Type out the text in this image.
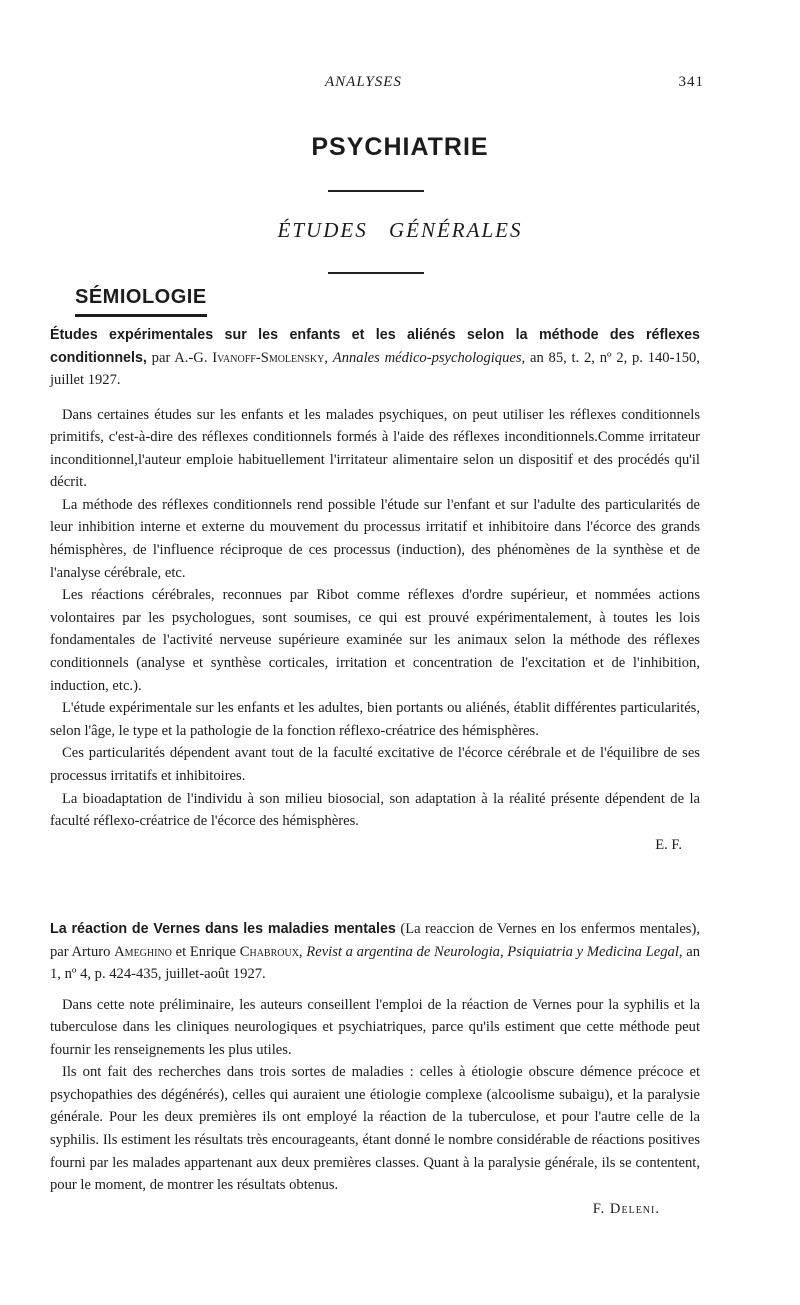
ANALYSES	341
PSYCHIATRIE
ÉTUDES GÉNÉRALES
SÉMIOLOGIE
Études expérimentales sur les enfants et les aliénés selon la méthode des réflexes conditionnels, par A.-G. Ivanoff-Smolensky, Annales médico-psychologiques, an 85, t. 2, nº 2, p. 140-150, juillet 1927.

Dans certaines études sur les enfants et les malades psychiques, on peut utiliser les réflexes conditionnels primitifs, c'est-à-dire des réflexes conditionnels formés à l'aide des réflexes inconditionnels.Comme irritateur inconditionnel,l'auteur emploie habituellement l'irritateur alimentaire selon un dispositif et des procédés qu'il décrit.

La méthode des réflexes conditionnels rend possible l'étude sur l'enfant et sur l'adulte des particularités de leur inhibition interne et externe du mouvement du processus irritatif et inhibitoire dans l'écorce des grands hémisphères, de l'influence réciproque de ces processus (induction), des phénomènes de la synthèse et de l'analyse cérébrale, etc.

Les réactions cérébrales, reconnues par Ribot comme réflexes d'ordre supérieur, et nommées actions volontaires par les psychologues, sont soumises, ce qui est prouvé expérimentalement, à toutes les lois fondamentales de l'activité nerveuse supérieure examinée sur les animaux selon la méthode des réflexes conditionnels (analyse et synthèse corticales, irritation et concentration de l'excitation et de l'inhibition, induction, etc.).

L'étude expérimentale sur les enfants et les adultes, bien portants ou aliénés, établit différentes particularités, selon l'âge, le type et la pathologie de la fonction réflexo-créatrice des hémisphères.

Ces particularités dépendent avant tout de la faculté excitative de l'écorce cérébrale et de l'équilibre de ses processus irritatifs et inhibitoires.

La bioadaptation de l'individu à son milieu biosocial, son adaptation à la réalité présente dépendent de la faculté réflexo-créatrice de l'écorce des hémisphères.

E. F.

La réaction de Vernes dans les maladies mentales (La reaccion de Vernes en los enfermos mentales), par Arturo Ameghino et Enrique Chabroux, Revist a argentina de Neurologia, Psiquiatria y Medicina Legal, an 1, nº 4, p. 424-435, juillet-août 1927.

Dans cette note préliminaire, les auteurs conseillent l'emploi de la réaction de Vernes pour la syphilis et la tuberculose dans les cliniques neurologiques et psychiatriques, parce qu'ils estiment que cette méthode peut fournir les renseignements les plus utiles.

Ils ont fait des recherches dans trois sortes de maladies : celles à étiologie obscure démence précoce et psychopathies des dégénérés), celles qui auraient une étiologie complexe (alcoolisme subaigu), et la paralysie générale. Pour les deux premières ils ont employé la réaction de la tuberculose, et pour l'autre celle de la syphilis. Ils estiment les résultats très encourageants, étant donné le nombre considérable de réactions positives fourni par les malades appartenant aux deux premières classes. Quant à la paralysie générale, ils se contentent, pour le moment, de montrer les résultats obtenus.

F. Deleni.
